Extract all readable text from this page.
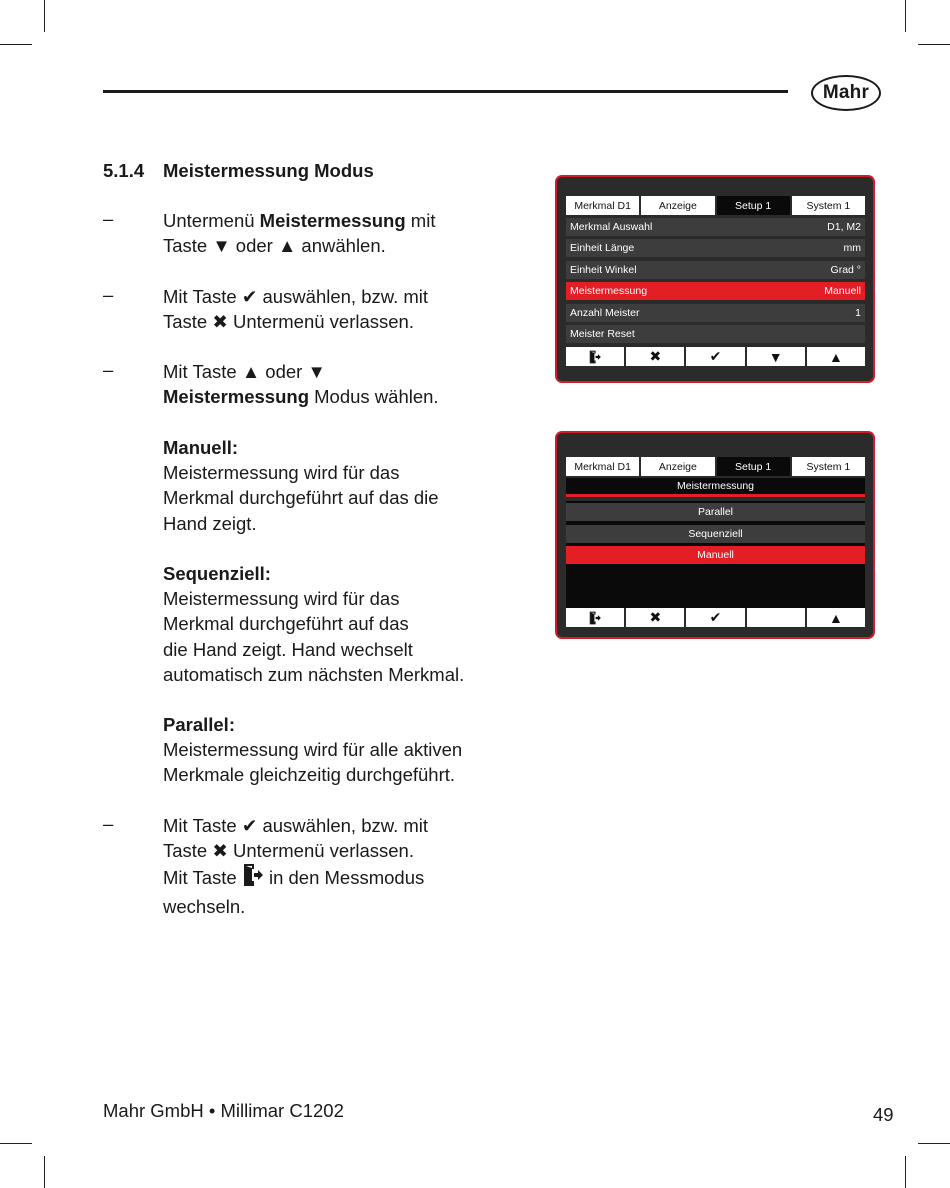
Mahr
5.1.4 Meistermessung Modus
–	Untermenü Meistermessung mit
Taste ▼ oder ▲ anwählen.
–	Mit Taste ✔ auswählen, bzw. mit
Taste ✖ Untermenü verlassen.
–	Mit Taste ▲ oder ▼
Meistermessung Modus wählen.
Manuell:
Meistermessung wird für das
Merkmal durchgeführt auf das die
Hand zeigt.
Sequenziell:
Meistermessung wird für das
Merkmal durchgeführt auf das
die Hand zeigt. Hand wechselt
automatisch zum nächsten Merkmal.
Parallel:
Meistermessung wird für alle aktiven
Merkmale gleichzeitig durchgeführt.
–	Mit Taste ✔ auswählen, bzw. mit
Taste ✖ Untermenü verlassen.
Mit Taste  in den Messmodus
wechseln.
Merkmal D1	Anzeige	Setup 1	System 1
Merkmal Auswahl	D1, M2
Einheit Länge	mm
Einheit Winkel	Grad °
Meistermessung	Manuell
Anzahl Meister	1
Meister Reset
✖	✔	▼	▲
Merkmal D1	Anzeige	Setup 1	System 1
Meistermessung
Parallel
Sequenziell
Manuell
✖	✔	▲
Mahr GmbH • Millimar C1202	49
